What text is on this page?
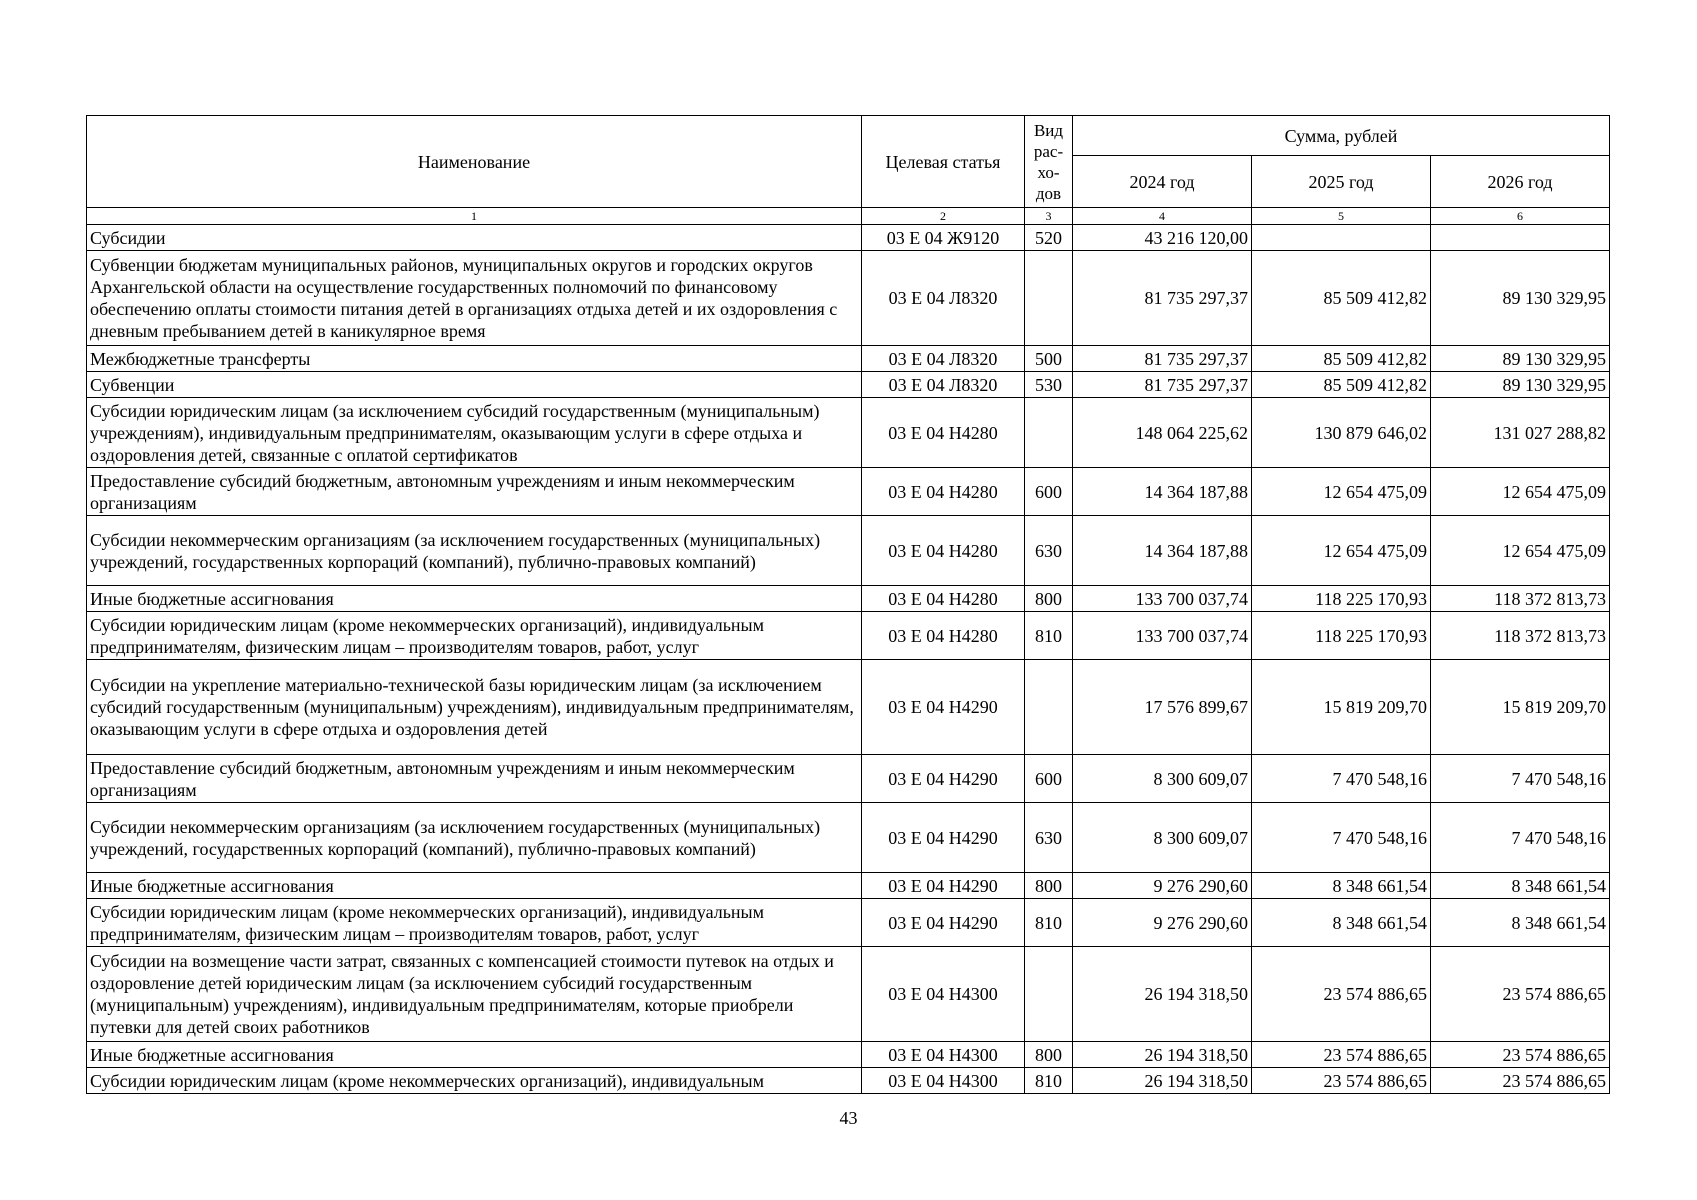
Наименование	Целевая статья	Вид рас-хо-дов	Сумма, рублей		
			2024 год	2025 год	2026 год
1	2	3	4	5	6
Субсидии	03 Е 04 Ж9120	520	43 216 120,00		
Субвенции бюджетам муниципальных районов, муниципальных округов и городских округов Архангельской области на осуществление государственных полномочий по финансовому обеспечению оплаты стоимости питания детей в организациях отдыха детей и их оздоровления с дневным пребыванием детей в каникулярное время	03 Е 04 Л8320		81 735 297,37	85 509 412,82	89 130 329,95
Межбюджетные трансферты	03 Е 04 Л8320	500	81 735 297,37	85 509 412,82	89 130 329,95
Субвенции	03 Е 04 Л8320	530	81 735 297,37	85 509 412,82	89 130 329,95
Субсидии юридическим лицам (за исключением субсидий государственным (муниципальным) учреждениям), индивидуальным предпринимателям, оказывающим услуги в сфере отдыха и оздоровления детей, связанные с оплатой сертификатов	03 Е 04 Н4280		148 064 225,62	130 879 646,02	131 027 288,82
Предоставление субсидий бюджетным, автономным учреждениям и иным некоммерческим организациям	03 Е 04 Н4280	600	14 364 187,88	12 654 475,09	12 654 475,09
Субсидии некоммерческим организациям (за исключением государственных (муниципальных) учреждений, государственных корпораций (компаний), публично-правовых компаний)	03 Е 04 Н4280	630	14 364 187,88	12 654 475,09	12 654 475,09
Иные бюджетные ассигнования	03 Е 04 Н4280	800	133 700 037,74	118 225 170,93	118 372 813,73
Субсидии юридическим лицам (кроме некоммерческих организаций), индивидуальным предпринимателям, физическим лицам – производителям товаров, работ, услуг	03 Е 04 Н4280	810	133 700 037,74	118 225 170,93	118 372 813,73
Субсидии на укрепление материально-технической базы юридическим лицам (за исключением субсидий государственным (муниципальным) учреждениям), индивидуальным предпринимателям, оказывающим услуги в сфере отдыха и оздоровления детей	03 Е 04 Н4290		17 576 899,67	15 819 209,70	15 819 209,70
Предоставление субсидий бюджетным, автономным учреждениям и иным некоммерческим организациям	03 Е 04 Н4290	600	8 300 609,07	7 470 548,16	7 470 548,16
Субсидии некоммерческим организациям (за исключением государственных (муниципальных) учреждений, государственных корпораций (компаний), публично-правовых компаний)	03 Е 04 Н4290	630	8 300 609,07	7 470 548,16	7 470 548,16
Иные бюджетные ассигнования	03 Е 04 Н4290	800	9 276 290,60	8 348 661,54	8 348 661,54
Субсидии юридическим лицам (кроме некоммерческих организаций), индивидуальным предпринимателям, физическим лицам – производителям товаров, работ, услуг	03 Е 04 Н4290	810	9 276 290,60	8 348 661,54	8 348 661,54
Субсидии на возмещение части затрат, связанных с компенсацией стоимости путевок на отдых и оздоровление детей юридическим лицам (за исключением субсидий государственным (муниципальным) учреждениям), индивидуальным предпринимателям, которые приобрели путевки для детей своих работников	03 Е 04 Н4300		26 194 318,50	23 574 886,65	23 574 886,65
Иные бюджетные ассигнования	03 Е 04 Н4300	800	26 194 318,50	23 574 886,65	23 574 886,65
Субсидии юридическим лицам (кроме некоммерческих организаций), индивидуальным	03 Е 04 Н4300	810	26 194 318,50	23 574 886,65	23 574 886,65
43
